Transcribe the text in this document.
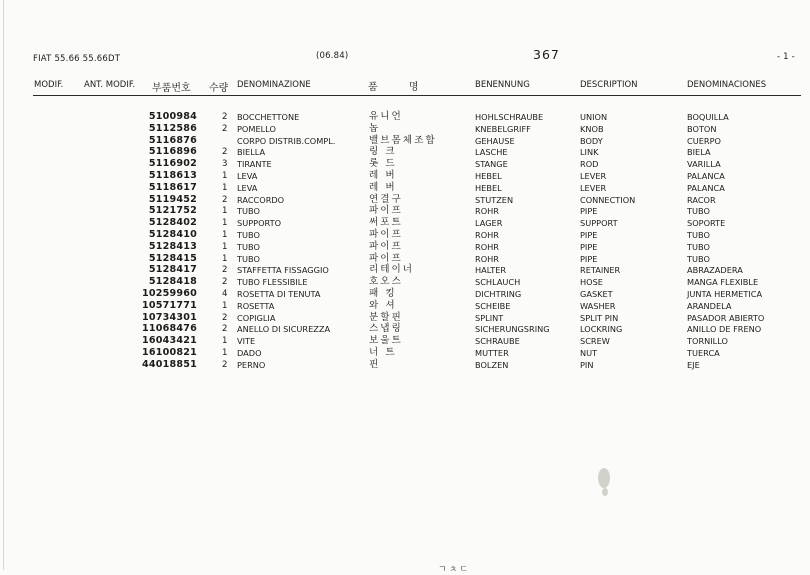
FIAT 55.66 55.66DT	(06.84)	367	- 1 -
MODIF. ANT. MODIF. 부품번호 수량 DENOMINAZIONE	품 명	BENENNUNG	DESCRIPTION	DENOMINACIONES
5100984	2 BOCCHETTONE	유니언	HOHLSCHRAUBE	UNION	BOQUILLA
5112586	2 POMELLO	놉	KNEBELGRIFF	KNOB	BOTON
5116876	CORPO DISTRIB.COMPL.	밸브몸체조합	GEHAUSE	BODY	CUERPO
5116896	2 BIELLA	링 크	LASCHE	LINK	BIELA
5116902	3 TIRANTE	롯 드	STANGE	ROD	VARILLA
5118613	1 LEVA	레 버	HEBEL	LEVER	PALANCA
5118617	1 LEVA	레 버	HEBEL	LEVER	PALANCA
5119452	2 RACCORDO	연결구	STUTZEN	CONNECTION	RACOR
5121752	1 TUBO	파이프	ROHR	PIPE	TUBO
5128402	1 SUPPORTO	써포트	LAGER	SUPPORT	SOPORTE
5128410	1 TUBO	파이프	ROHR	PIPE	TUBO
5128413	1 TUBO	파이프	ROHR	PIPE	TUBO
5128415	1 TUBO	파이프	ROHR	PIPE	TUBO
5128417	2 STAFFETTA FISSAGGIO	리테이너	HALTER	RETAINER	ABRAZADERA
5128418	2 TUBO FLESSIBILE	호오스	SCHLAUCH	HOSE	MANGA FLEXIBLE
10259960	4 ROSETTA DI TENUTA	패 킹	DICHTRING	GASKET	JUNTA HERMETICA
10571771	1 ROSETTA	와 셔	SCHEIBE	WASHER	ARANDELA
10734301	2 COPIGLIA	분할핀	SPLINT	SPLIT PIN	PASADOR ABIERTO
11068476	2 ANELLO DI SICUREZZA	스냅링	SICHERUNGSRING	LOCKRING	ANILLO DE FRENO
16043421	1 VITE	보울트	SCHRAUBE	SCREW	TORNILLO
16100821	1 DADO	너 트	MUTTER	NUT	TUERCA
44018851	2 PERNO	핀	BOLZEN	PIN	EJE
ㄱㅊㄷ
